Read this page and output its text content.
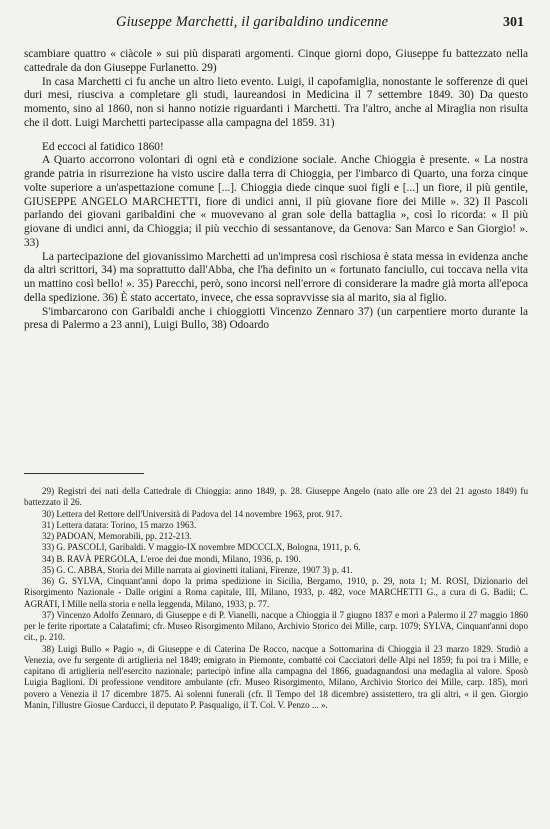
Giuseppe Marchetti, il garibaldino undicenne	301

scambiare quattro « ciàcole » sui più disparati argomenti. Cinque giorni dopo, Giuseppe fu battezzato nella cattedrale da don Giuseppe Furlanetto. 29)

In casa Marchetti ci fu anche un altro lieto evento. Luigi, il capofamiglia, nonostante le sofferenze di quei duri mesi, riusciva a completare gli studi, laureandosi in Medicina il 7 settembre 1849. 30) Da questo momento, sino al 1860, non si hanno notizie riguardanti i Marchetti. Tra l'altro, anche al Miraglia non risulta che il dott. Luigi Marchetti partecipasse alla campagna del 1859. 31)

Ed eccoci al fatidico 1860!

A Quarto accorrono volontari di ogni età e condizione sociale. Anche Chioggia è presente. « La nostra grande patria in risurrezione ha visto uscire dalla terra di Chioggia, per l'imbarco di Quarto, una forza cinque volte superiore a un'aspettazione comune [...]. Chioggia diede cinque suoi figli e [...] un fiore, il più gentile, GIUSEPPE ANGELO MARCHETTI, fiore di undici anni, il più giovane fiore dei Mille ». 32) Il Pascoli parlando dei giovani garibaldini che « muovevano al gran sole della battaglia », così lo ricorda: « Il più giovane di undici anni, da Chioggia; il più vecchio di sessantanove, da Genova: San Marco e San Giorgio! ». 33)

La partecipazione del giovanissimo Marchetti ad un'impresa così rischiosa è stata messa in evidenza anche da altri scrittori, 34) ma soprattutto dall'Abba, che l'ha definito un « fortunato fanciullo, cui toccava nella vita un mattino così bello! ». 35) Parecchi, però, sono incorsi nell'errore di considerare la madre già morta all'epoca della spedizione. 36) È stato accertato, invece, che essa sopravvisse sia al marito, sia al figlio.

S'imbarcarono con Garibaldi anche i chioggiotti Vincenzo Zennaro 37) (un carpentiere morto durante la presa di Palermo a 23 anni), Luigi Bullo, 38) Odoardo

29) Registri dei nati della Cattedrale di Chioggia: anno 1849, p. 28. Giuseppe Angelo (nato alle ore 23 del 21 agosto 1849) fu battezzato il 26.

30) Lettera del Rettore dell'Università di Padova del 14 novembre 1963, prot. 917.

31) Lettera datata: Torino, 15 marzo 1963.

32) PADOAN, Memorabili, pp. 212-213.

33) G. PASCOLI, Garibaldi. V maggio-IX novembre MDCCCLX, Bologna, 1911, p. 6.

34) B. RAVÀ PERGOLA, L'eroe dei due mondi, Milano, 1936, p. 190.

35) G. C. ABBA, Storia dei Mille narrata ai giovinetti italiani, Firenze, 1907 3) p. 41.

36) G. SYLVA, Cinquant'anni dopo la prima spedizione in Sicilia, Bergamo, 1910, p. 29, nota 1; M. ROSI, Dizionario del Risorgimento Nazionale - Dalle origini a Roma capitale, III, Milano, 1933, p. 482, voce MARCHETTI G., a cura di G. Badii; C. AGRATI, I Mille nella storia e nella leggenda, Milano, 1933, p. 77.

37) Vincenzo Adolfo Zennaro, di Giuseppe e di P. Vianelli, nacque a Chioggia il 7 giugno 1837 e morì a Palermo il 27 maggio 1860 per le ferite riportate a Calatafimi; cfr. Museo Risorgimento Milano, Archivio Storico dei Mille, carp. 1079; SYLVA, Cinquant'anni dopo cit., p. 210.

38) Luigi Bullo « Pagio », di Giuseppe e di Caterina De Rocco, nacque a Sottomarina di Chioggia il 23 marzo 1829. Studiò a Venezia, ove fu sergente di artiglieria nel 1849; emigrato in Piemonte, combatté coi Cacciatori delle Alpi nel 1859; fu poi tra i Mille, e capitano di artiglieria nell'esercito nazionale; partecipò infine alla campagna del 1866, guadagnandosi una medaglia al valore. Sposò Luigia Baglioni. Di professione venditore ambulante (cfr. Museo Risorgimento, Milano, Archivio Storico dei Mille, carp. 185), morì povero a Venezia il 17 dicembre 1875. Ai solenni funerali (cfr. Il Tempo del 18 dicembre) assistettero, tra gli altri, « il gen. Giorgio Manin, l'illustre Giosue Carducci, il deputato P. Pasqualigo, il T. Col. V. Penzo ... ».
